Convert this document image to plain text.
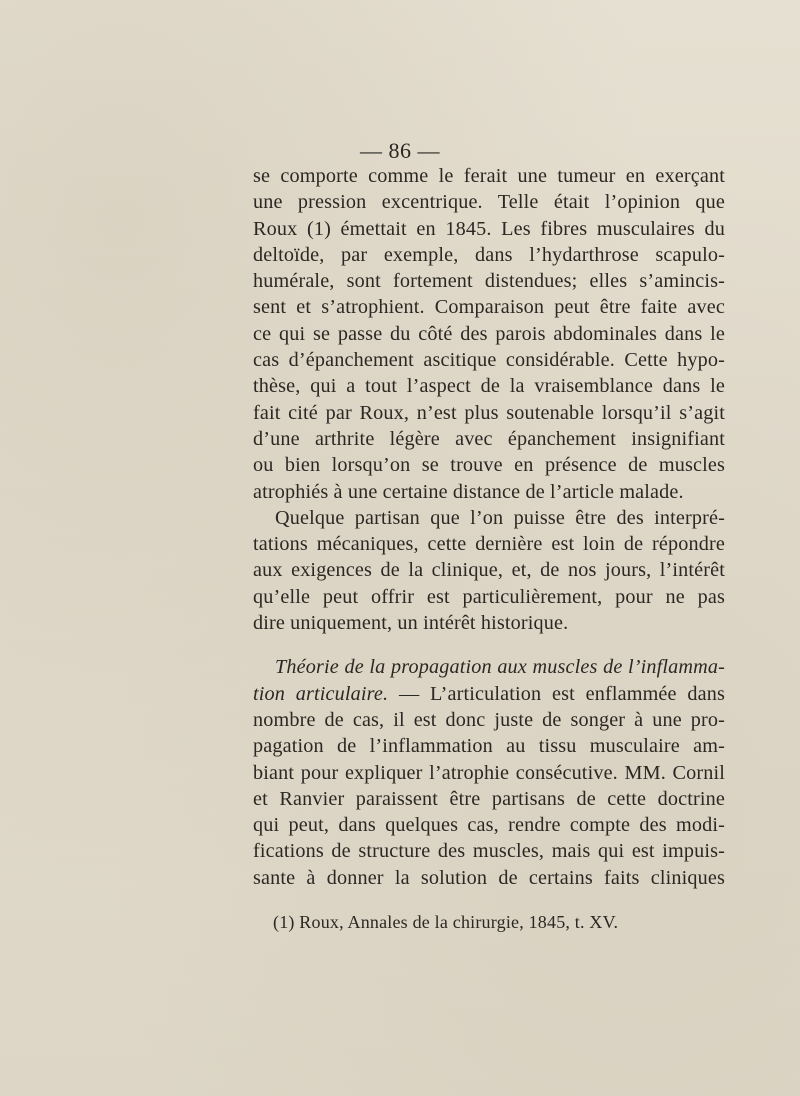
— 86 —
se comporte comme le ferait une tumeur en exerçant
une pression excentrique. Telle était l’opinion que
Roux (1) émettait en 1845. Les fibres musculaires du
deltoïde, par exemple, dans l’hydarthrose scapulo-
humérale, sont fortement distendues; elles s’amincis-
sent et s’atrophient. Comparaison peut être faite avec
ce qui se passe du côté des parois abdominales dans le
cas d’épanchement ascitique considérable. Cette hypo-
thèse, qui a tout l’aspect de la vraisemblance dans le
fait cité par Roux, n’est plus soutenable lorsqu’il s’agit
d’une arthrite légère avec épanchement insignifiant
ou bien lorsqu’on se trouve en présence de muscles
atrophiés à une certaine distance de l’article malade.
Quelque partisan que l’on puisse être des interpré-
tations mécaniques, cette dernière est loin de répondre
aux exigences de la clinique, et, de nos jours, l’intérêt
qu’elle peut offrir est particulièrement, pour ne pas
dire uniquement, un intérêt historique.
Théorie de la propagation aux muscles de l’inflamma-
tion articulaire. — L’articulation est enflammée dans
nombre de cas, il est donc juste de songer à une pro-
pagation de l’inflammation au tissu musculaire am-
biant pour expliquer l’atrophie consécutive. MM. Cornil
et Ranvier paraissent être partisans de cette doctrine
qui peut, dans quelques cas, rendre compte des modi-
fications de structure des muscles, mais qui est impuis-
sante à donner la solution de certains faits cliniques
(1) Roux, Annales de la chirurgie, 1845, t. XV.
